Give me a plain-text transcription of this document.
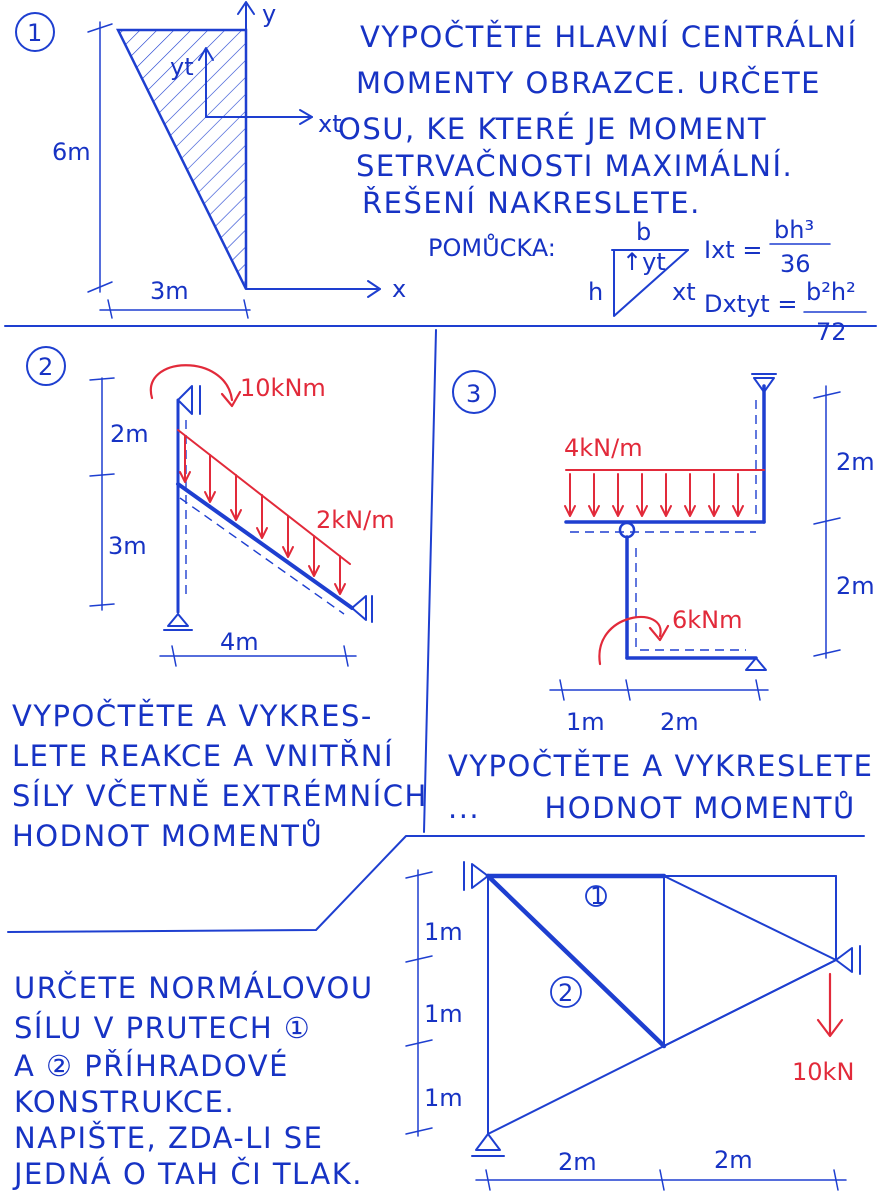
1
y
x
yt
xt
6m
3m
VYPOČTĚTE HLAVNÍ CENTRÁLNÍ
MOMENTY OBRAZCE. URČETE
OSU, KE KTERÉ JE MOMENT
SETRVAČNOSTI MAXIMÁLNÍ.
ŘEŠENÍ NAKRESLETE.
POMŮCKA:
b
↑yt
h	xt
Ixt =
bh³
36
Dxtyt = b²h²
72
2
2m
3m
2kN/m
10kNm
4m
VYPOČTĚTE A VYKRES-
LETE REAKCE A VNITŘNÍ
SÍLY VČETNĚ EXTRÉMNÍCH
HODNOT MOMENTŮ
3
4kN/m
6kNm
2m
2m
1m 2m
VYPOČTĚTE A VYKRESLETE
...      HODNOT MOMENTŮ
1
2
10kN
1m
1m
1m
2m	2m
URČETE NORMÁLOVOU
SÍLU V PRUTECH ①
A ② PŘÍHRADOVÉ
KONSTRUKCE.
NAPIŠTE, ZDA-LI SE
JEDNÁ O TAH ČI TLAK.
